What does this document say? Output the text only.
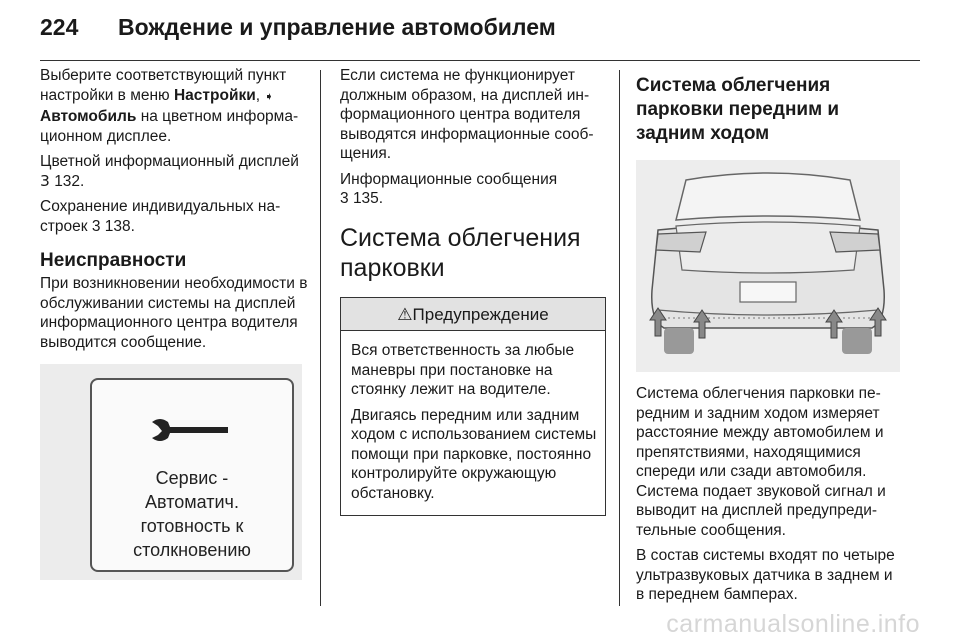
224 Вождение и управление автомобилем

Выберите соответствующий пункт настройки в меню Настройки, ➧ Автомобиль на цветном информационном дисплее.

Цветной информационный дисплей 3 132.

Сохранение индивидуальных настроек 3 138.

Неисправности

При возникновении необходимости в обслуживании системы на дисплей информационного центра водителя выводится сообщение.

Сервис -
Автоматич.
готовность к
столкновению

Если система не функционирует должным образом, на дисплей информационного центра водителя выводятся информационные сообщения.

Информационные сообщения
3 135.

Система облегчения парковки
⚠Предупреждение

Вся ответственность за любые маневры при постановке на стоянку лежит на водителе.

Двигаясь передним или задним ходом с использованием системы помощи при парковке, постоянно контролируйте окружающую обстановку.

Система облегчения парковки передним и задним ходом

Система облегчения парковки передним и задним ходом измеряет расстояние между автомобилем и препятствиями, находящимися спереди или сзади автомобиля. Система подает звуковой сигнал и выводит на дисплей предупредительные сообщения.

В состав системы входят по четыре ультразвуковых датчика в заднем и в переднем бамперах.

carmanualsonline.info
